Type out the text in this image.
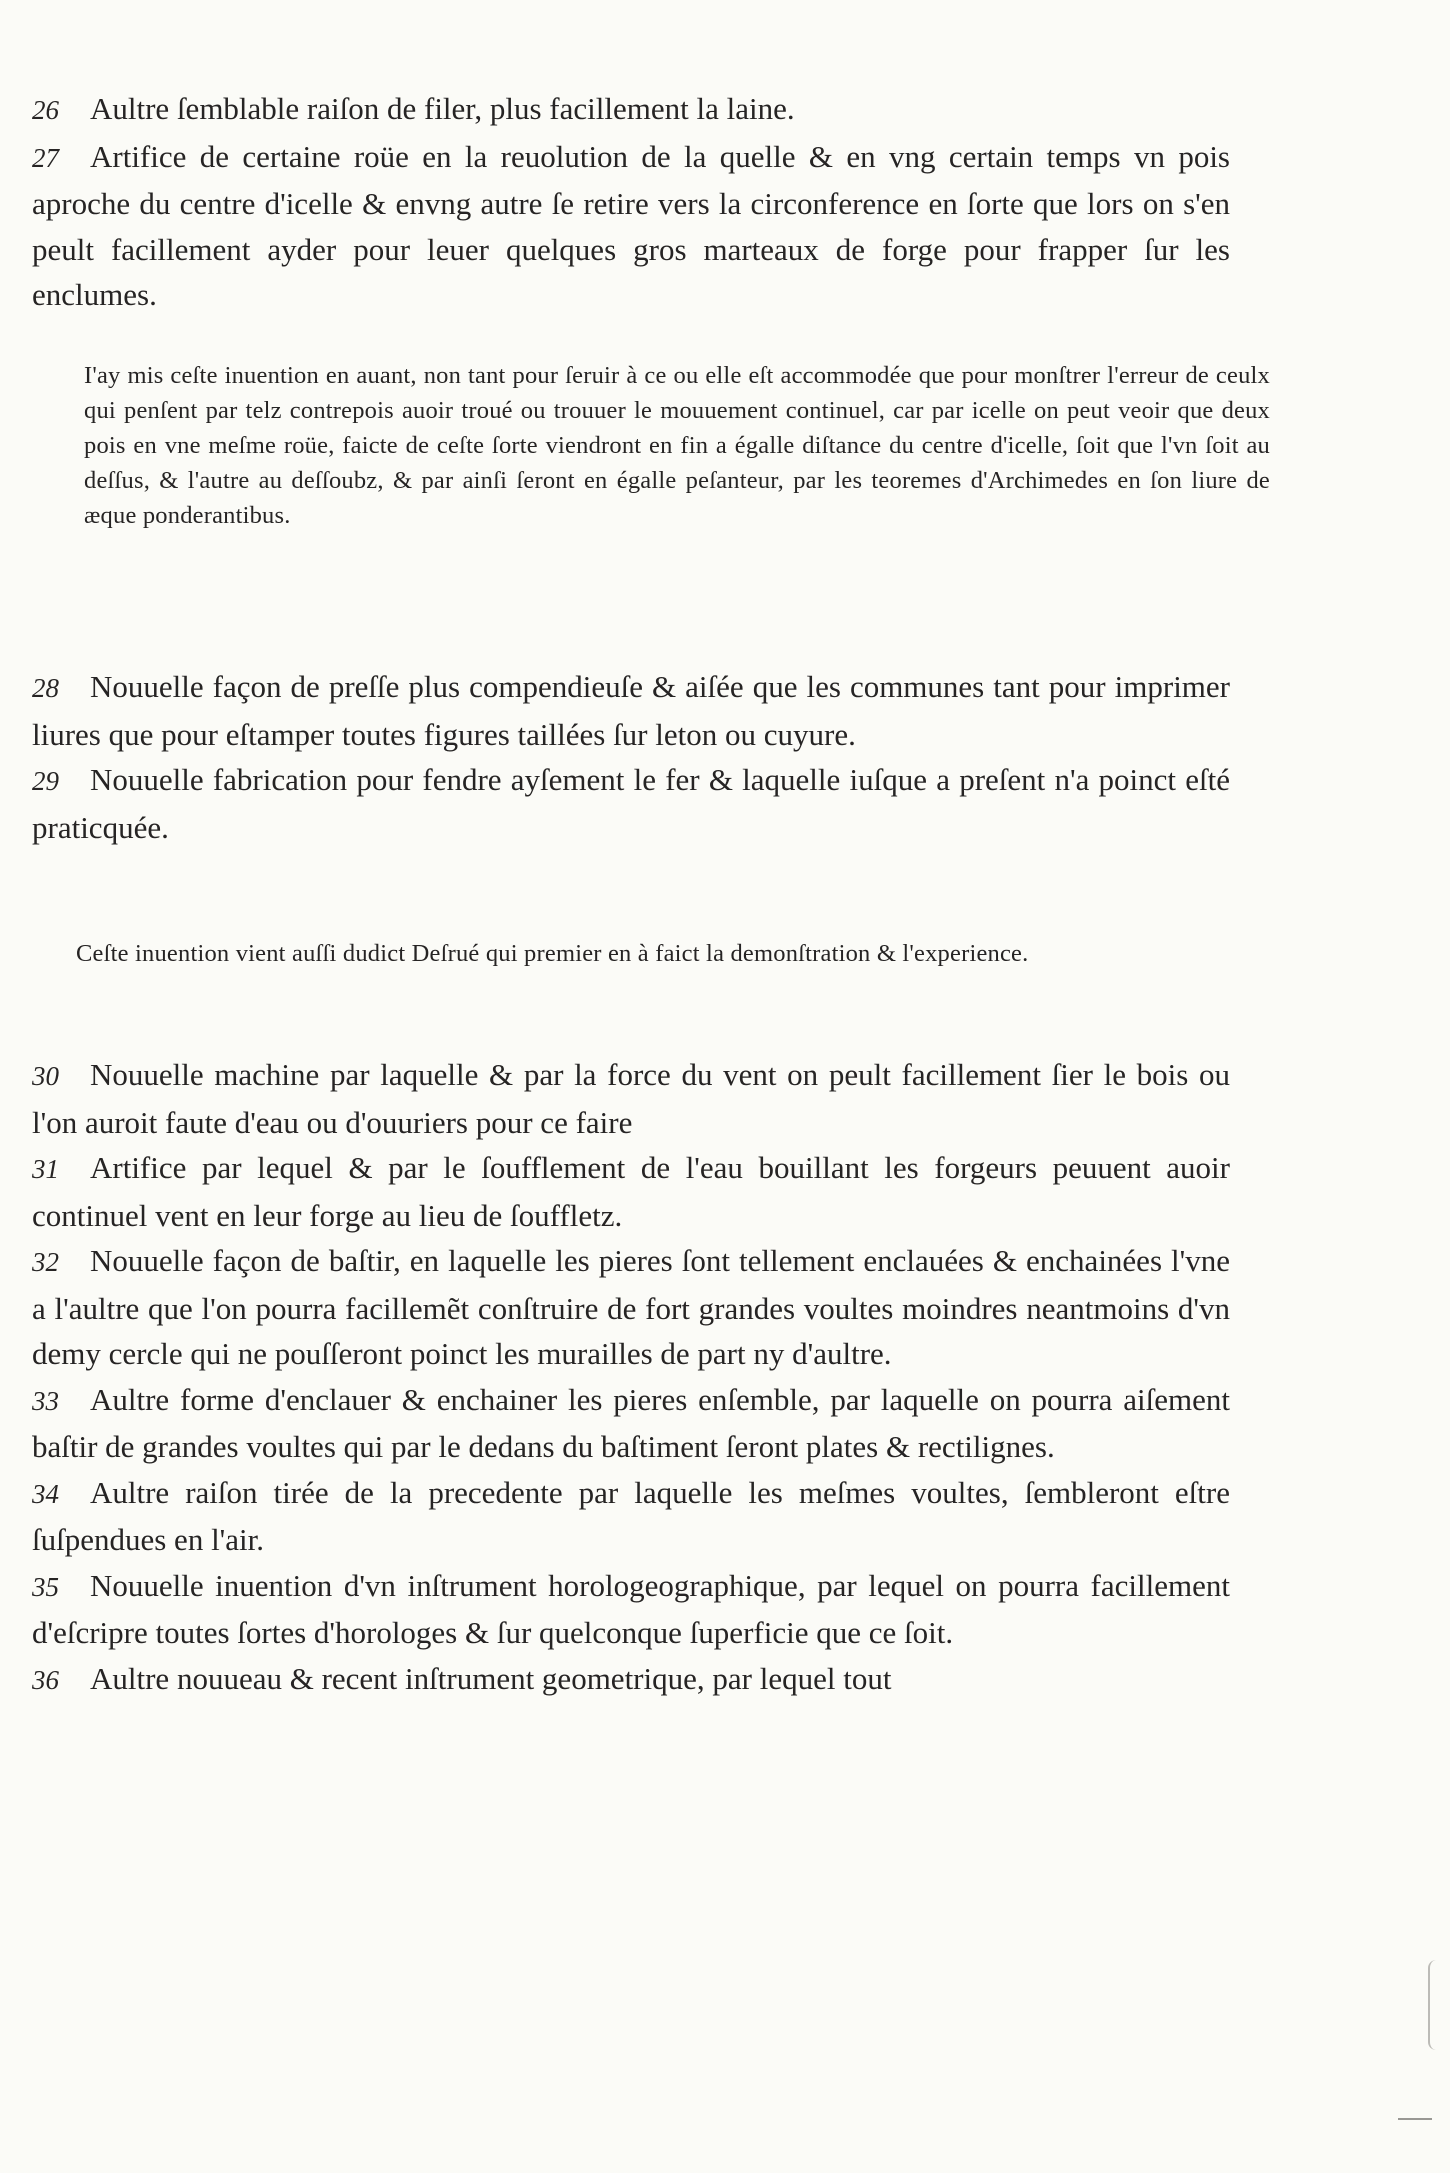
26 Aultre ſemblable raiſon de filer, plus facillement la laine.

27 Artifice de certaine roüe en la reuolution de la quelle & en vng certain temps vn pois aproche du centre d'icelle & envng autre ſe retire vers la circonference en ſorte que lors on s'en peult facillement ayder pour leuer quelques gros marteaux de forge pour frapper ſur les enclumes.

I'ay mis ceſte inuention en auant, non tant pour ſeruir à ce ou elle eſt accommodée que pour monſtrer l'erreur de ceulx qui penſent par telz contrepois auoir troué ou trouuer le mouuement continuel, car par icelle on peut veoir que deux pois en vne meſme roüe, faicte de ceſte ſorte viendront en fin a égalle diſtance du centre d'icelle, ſoit que l'vn ſoit au deſſus, & l'autre au deſſoubz, & par ainſi ſeront en égalle peſanteur, par les teoremes d'Archimedes en ſon liure de æque ponderantibus.

28 Nouuelle façon de preſſe plus compendieuſe & aiſée que les communes tant pour imprimer liures que pour eſtamper toutes figures taillées ſur leton ou cuyure.

29 Nouuelle fabrication pour fendre ayſement le fer & laquelle iuſque a preſent n'a poinct eſté praticquée.

Ceſte inuention vient auſſi dudict Deſrué qui premier en à faict la demonſtration & l'experience.

30 Nouuelle machine par laquelle & par la force du vent on peult facillement ſier le bois ou l'on auroit faute d'eau ou d'ouuriers pour ce faire

31 Artifice par lequel & par le ſoufflement de l'eau bouillant les forgeurs peuuent auoir continuel vent en leur forge au lieu de ſouffletz.

32 Nouuelle façon de baſtir, en laquelle les pieres ſont tellement enclauées & enchainées l'vne a l'aultre que l'on pourra facillemẽt conſtruire de fort grandes voultes moindres neantmoins d'vn demy cercle qui ne pouſſeront poinct les murailles de part ny d'aultre.

33 Aultre forme d'enclauer & enchainer les pieres enſemble, par laquelle on pourra aiſement baſtir de grandes voultes qui par le dedans du baſtiment ſeront plates & rectilignes.

34 Aultre raiſon tirée de la precedente par laquelle les meſmes voultes, ſembleront eſtre ſuſpendues en l'air.

35 Nouuelle inuention d'vn inſtrument horologeographique, par lequel on pourra facillement d'eſcripre toutes ſortes d'horologes & ſur quelconque ſuperficie que ce ſoit.

36 Aultre nouueau & recent inſtrument geometrique, par lequel tout
